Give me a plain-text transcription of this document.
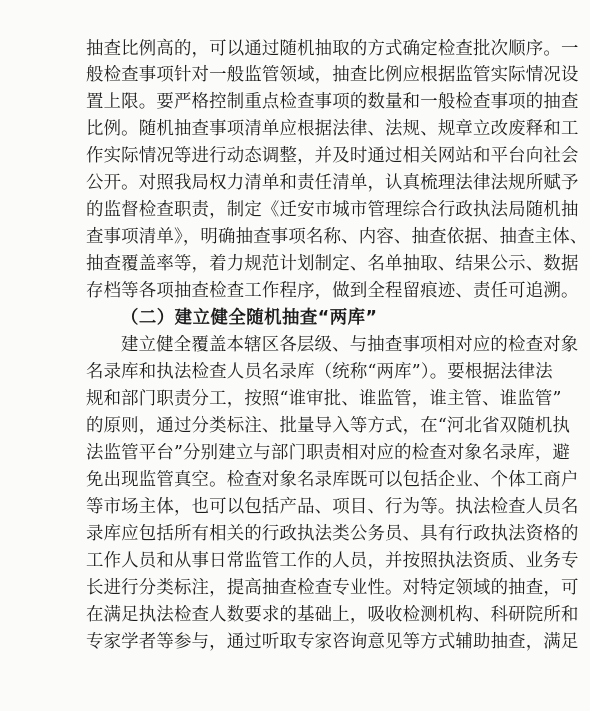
抽查比例高的，可以通过随机抽取的方式确定检查批次顺序。一
般检查事项针对一般监管领域，抽查比例应根据监管实际情况设
置上限。要严格控制重点检查事项的数量和一般检查事项的抽查
比例。随机抽查事项清单应根据法律、法规、规章立改废释和工
作实际情况等进行动态调整，并及时通过相关网站和平台向社会
公开。对照我局权力清单和责任清单，认真梳理法律法规所赋予
的监督检查职责，制定《迁安市城市管理综合行政执法局随机抽
查事项清单》，明确抽查事项名称、内容、抽查依据、抽查主体、
抽查覆盖率等，着力规范计划制定、名单抽取、结果公示、数据
存档等各项抽查检查工作程序，做到全程留痕迹、责任可追溯。
（二）建立健全随机抽查“两库”
建立健全覆盖本辖区各层级、与抽查事项相对应的检查对象
名录库和执法检查人员名录库（统称“两库”）。要根据法律法
规和部门职责分工，按照“谁审批、谁监管，谁主管、谁监管”
的原则，通过分类标注、批量导入等方式，在“河北省双随机执
法监管平台”分别建立与部门职责相对应的检查对象名录库，避
免出现监管真空。检查对象名录库既可以包括企业、个体工商户
等市场主体，也可以包括产品、项目、行为等。执法检查人员名
录库应包括所有相关的行政执法类公务员、具有行政执法资格的
工作人员和从事日常监管工作的人员，并按照执法资质、业务专
长进行分类标注，提高抽查检查专业性。对特定领域的抽查，可
在满足执法检查人数要求的基础上，吸收检测机构、科研院所和
专家学者等参与，通过听取专家咨询意见等方式辅助抽查，满足
